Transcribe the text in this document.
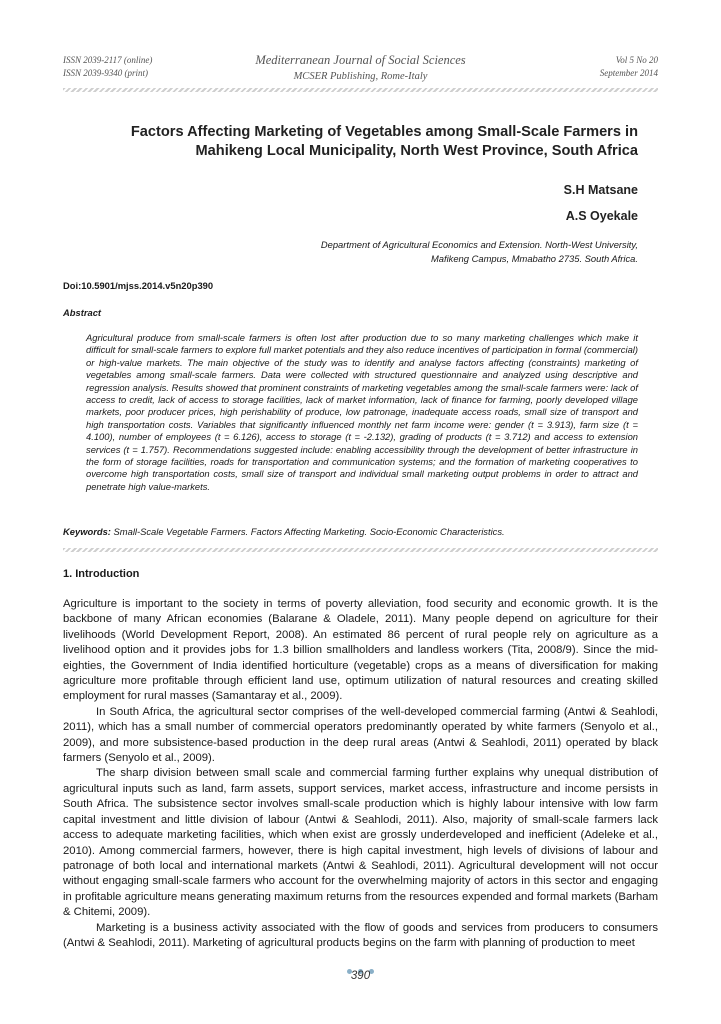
ISSN 2039-2117 (online)
ISSN 2039-9340 (print)
Mediterranean Journal of Social Sciences
MCSER Publishing, Rome-Italy
Vol 5 No 20
September 2014
Factors Affecting Marketing of Vegetables among Small-Scale Farmers in
Mahikeng Local Municipality, North West Province, South Africa
S.H Matsane
A.S Oyekale
Department of Agricultural Economics and Extension. North-West University,
Mafikeng Campus, Mmabatho 2735. South Africa.
Doi:10.5901/mjss.2014.v5n20p390
Abstract
Agricultural produce from small-scale farmers is often lost after production due to so many marketing challenges which make it difficult for small-scale farmers to explore full market potentials and they also reduce incentives of participation in formal (commercial) or high-value markets. The main objective of the study was to identify and analyse factors affecting (constraints) marketing of vegetables among small-scale farmers. Data were collected with structured questionnaire and analyzed using descriptive and regression analysis. Results showed that prominent constraints of marketing vegetables among the small-scale farmers were: lack of access to credit, lack of access to storage facilities, lack of market information, lack of finance for farming, poorly developed village markets, poor producer prices, high perishability of produce, low patronage, inadequate access roads, small size of transport and high transportation costs. Variables that significantly influenced monthly net farm income were: gender (t = 3.913), farm size (t = 4.100), number of employees (t = 6.126), access to storage (t = -2.132), grading of products (t = 3.712) and access to extension services (t = 1.757). Recommendations suggested include: enabling accessibility through the development of better infrastructure in the form of storage facilities, roads for transportation and communication systems; and the formation of marketing cooperatives to overcome high transportation costs, small size of transport and individual small marketing output problems in order to attract and penetrate high value-markets.
Keywords: Small-Scale Vegetable Farmers. Factors Affecting Marketing. Socio-Economic Characteristics.
1. Introduction

Agriculture is important to the society in terms of poverty alleviation, food security and economic growth. It is the backbone of many African economies (Balarane & Oladele, 2011). Many people depend on agriculture for their livelihoods (World Development Report, 2008). An estimated 86 percent of rural people rely on agriculture as a livelihood option and it provides jobs for 1.3 billion smallholders and landless workers (Tita, 2008/9). Since the mid-eighties, the Government of India identified horticulture (vegetable) crops as a means of diversification for making agriculture more profitable through efficient land use, optimum utilization of natural resources and creating skilled employment for rural masses (Samantaray et al., 2009).

In South Africa, the agricultural sector comprises of the well-developed commercial farming (Antwi & Seahlodi, 2011), which has a small number of commercial operators predominantly operated by white farmers (Senyolo et al., 2009), and more subsistence-based production in the deep rural areas (Antwi & Seahlodi, 2011) operated by black farmers (Senyolo et al., 2009).

The sharp division between small scale and commercial farming further explains why unequal distribution of agricultural inputs such as land, farm assets, support services, market access, infrastructure and income persists in South Africa. The subsistence sector involves small-scale production which is highly labour intensive with low farm capital investment and little division of labour (Antwi & Seahlodi, 2011). Also, majority of small-scale farmers lack access to adequate marketing facilities, which when exist are grossly underdeveloped and inefficient (Adeleke et al., 2010). Among commercial farmers, however, there is high capital investment, high levels of divisions of labour and patronage of both local and international markets (Antwi & Seahlodi, 2011). Agricultural development will not occur without engaging small-scale farmers who account for the overwhelming majority of actors in this sector and engaging in profitable agriculture means generating maximum returns from the resources expended and formal markets (Barham & Chitemi, 2009).

Marketing is a business activity associated with the flow of goods and services from producers to consumers (Antwi & Seahlodi, 2011). Marketing of agricultural products begins on the farm with planning of production to meet

390
